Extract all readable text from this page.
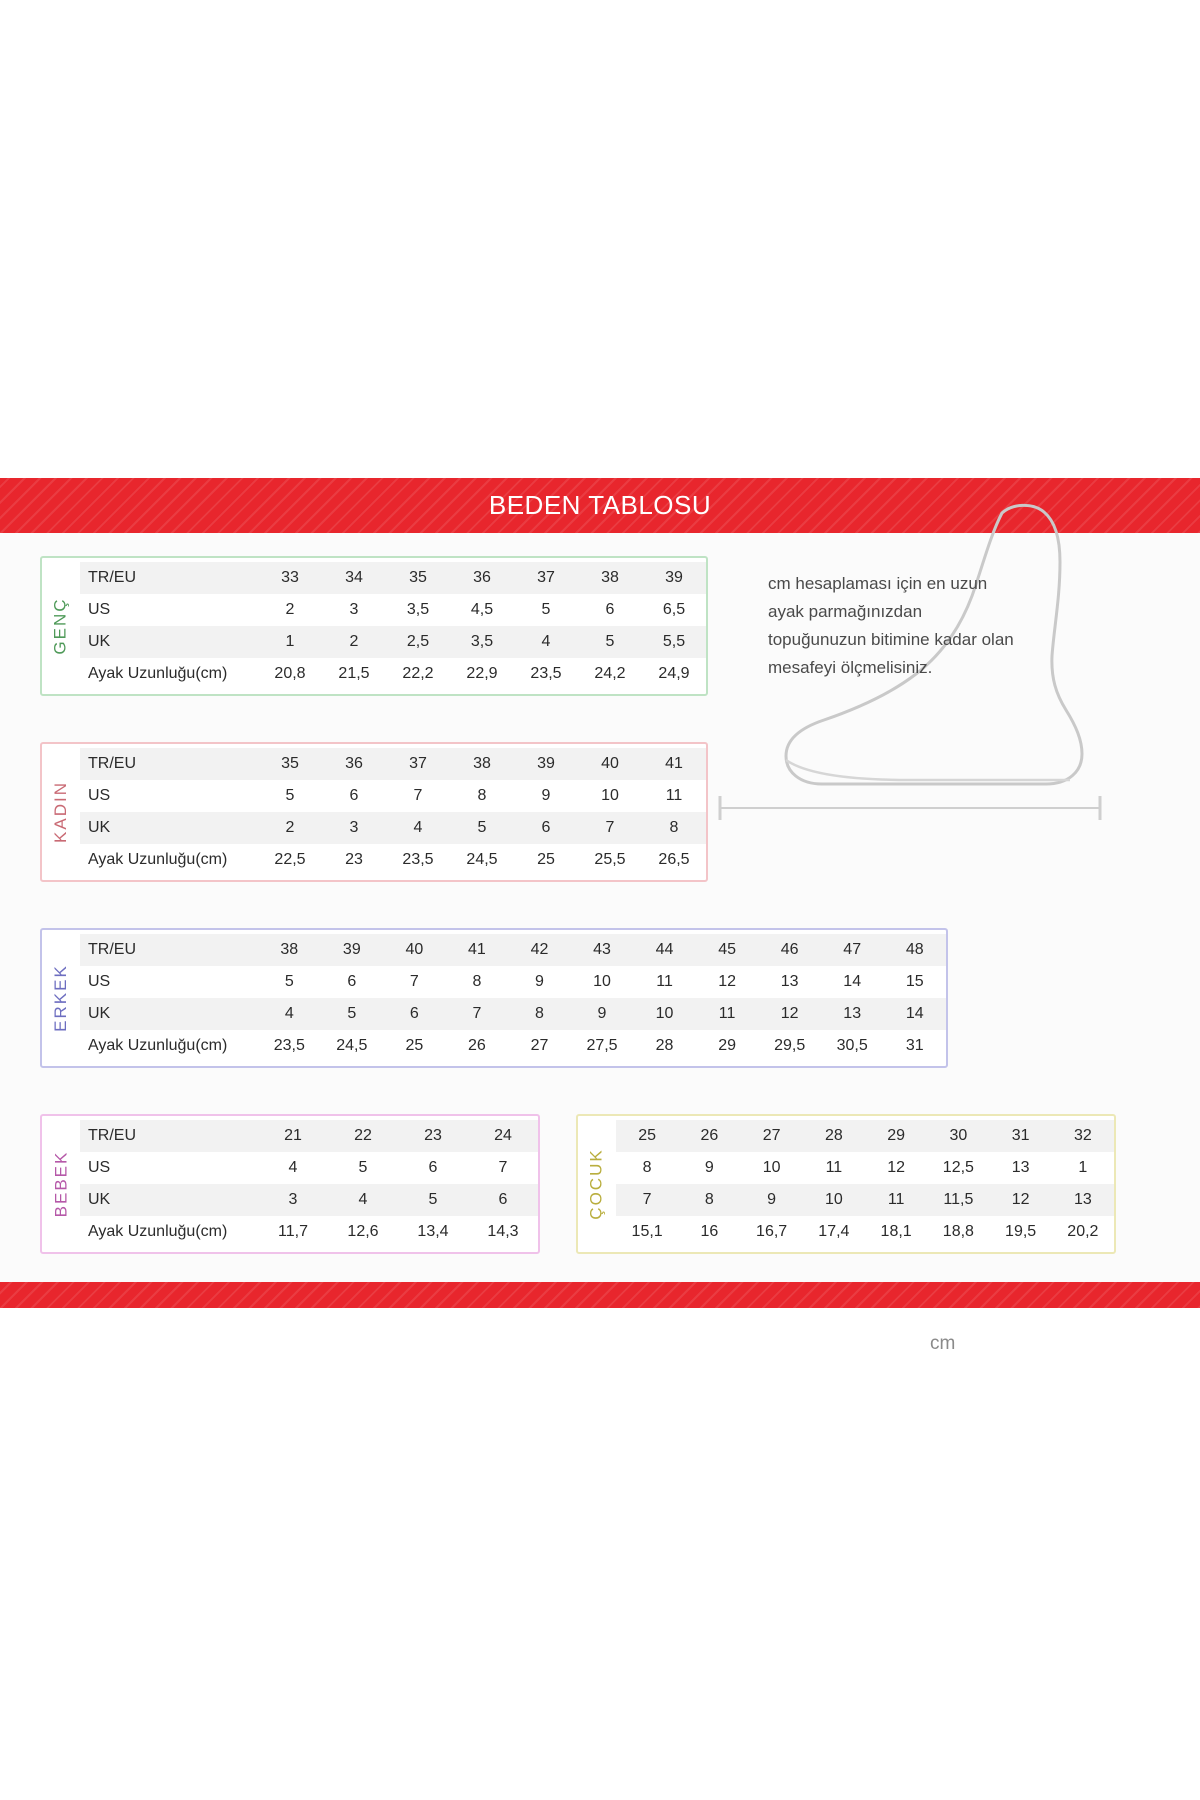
BEDEN TABLOSU
GENÇ
TR/EU	33	34	35	36	37	38	39
US	2	3	3,5	4,5	5	6	6,5
UK	1	2	2,5	3,5	4	5	5,5
Ayak Uzunluğu(cm)	20,8	21,5	22,2	22,9	23,5	24,2	24,9
KADIN
TR/EU	35	36	37	38	39	40	41
US	5	6	7	8	9	10	11
UK	2	3	4	5	6	7	8
Ayak Uzunluğu(cm)	22,5	23	23,5	24,5	25	25,5	26,5
ERKEK
TR/EU	38	39	40	41	42	43	44	45	46	47	48
US	5	6	7	8	9	10	11	12	13	14	15
UK	4	5	6	7	8	9	10	11	12	13	14
Ayak Uzunluğu(cm)	23,5	24,5	25	26	27	27,5	28	29	29,5	30,5	31
BEBEK
TR/EU	21	22	23	24
US	4	5	6	7
UK	3	4	5	6
Ayak Uzunluğu(cm)	11,7	12,6	13,4	14,3
ÇOCUK
25	26	27	28	29	30	31	32
8	9	10	11	12	12,5	13	1
7	8	9	10	11	11,5	12	13
15,1	16	16,7	17,4	18,1	18,8	19,5	20,2
cm
cm hesaplaması için en uzun ayak parmağınızdan topuğunuzun bitimine kadar olan mesafeyi ölçmelisiniz.
